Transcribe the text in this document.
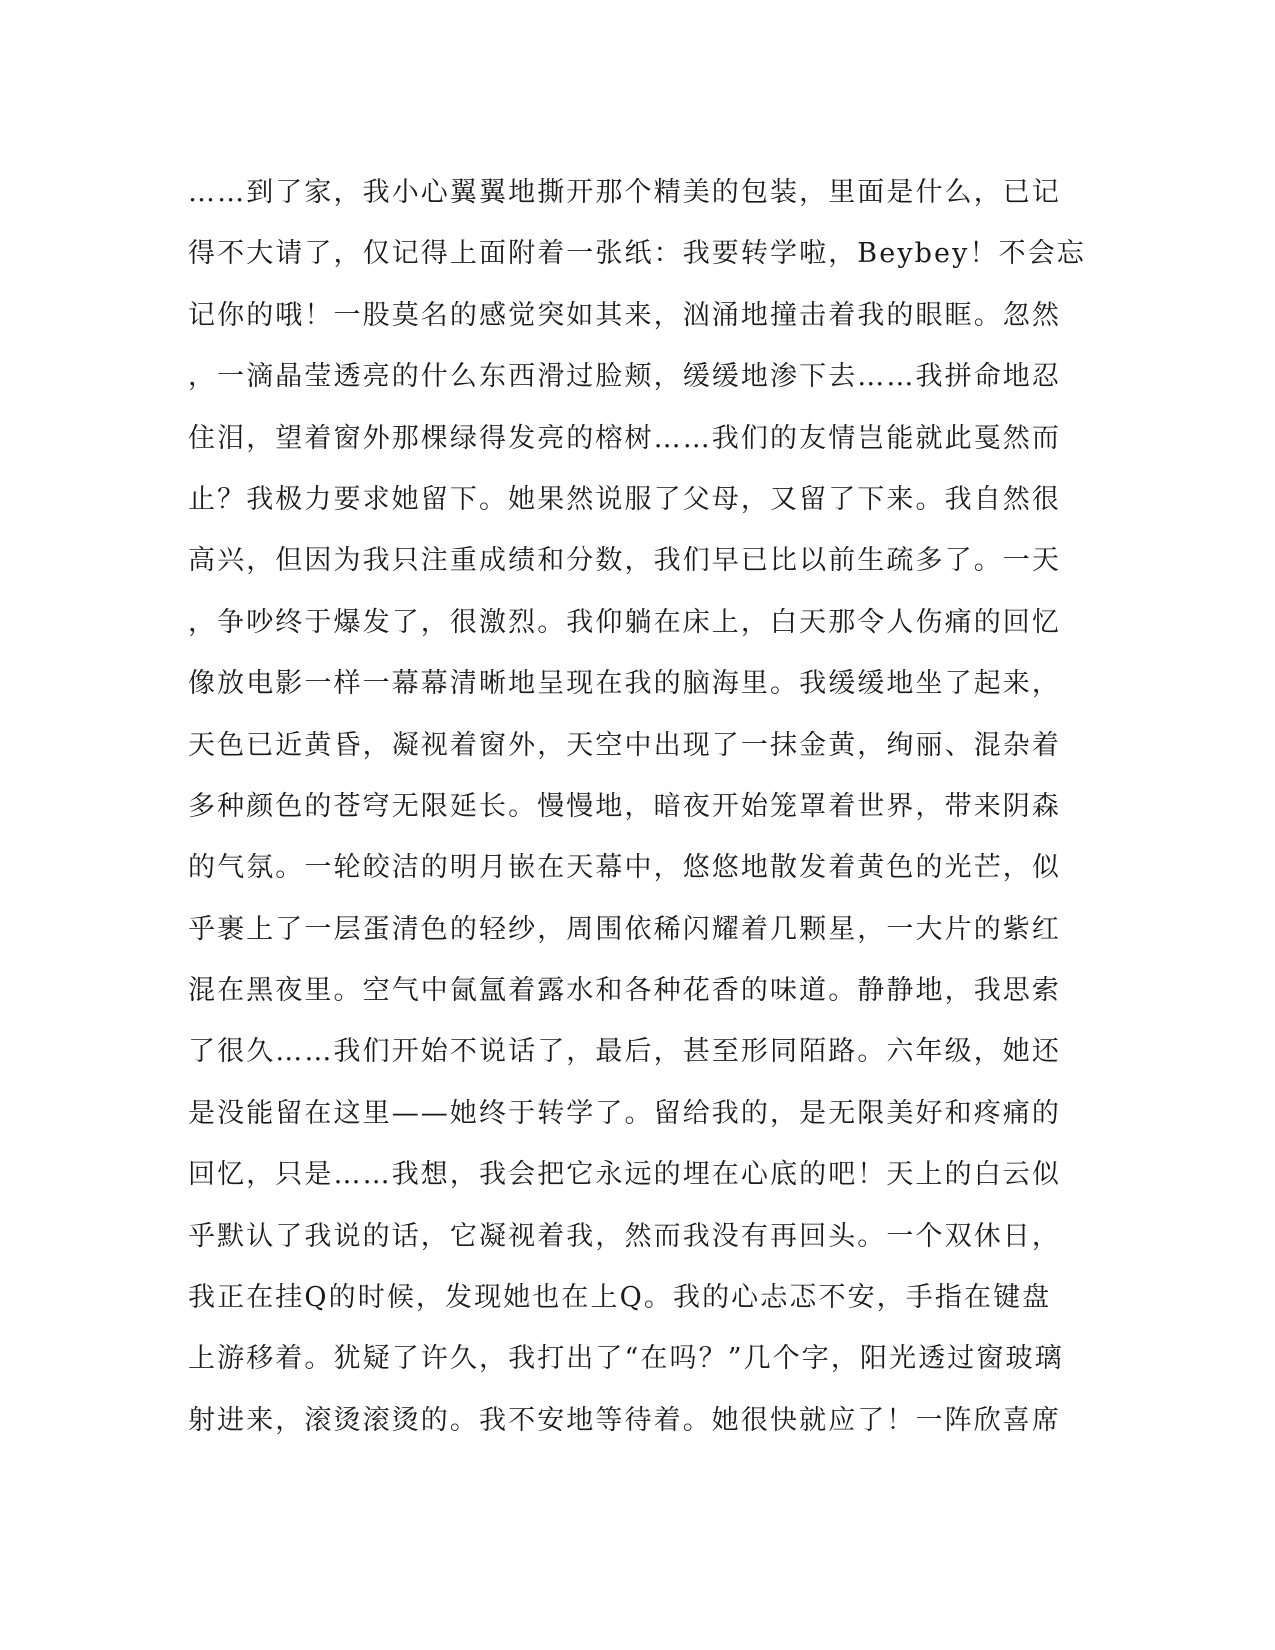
……到了家，我小心翼翼地撕开那个精美的包装，里面是什么，已记
得不大请了，仅记得上面附着一张纸：我要转学啦，Beybey！不会忘
记你的哦！一股莫名的感觉突如其来，汹涌地撞击着我的眼眶。忽然
，一滴晶莹透亮的什么东西滑过脸颊，缓缓地渗下去……我拼命地忍
住泪，望着窗外那棵绿得发亮的榕树……我们的友情岂能就此戛然而
止？我极力要求她留下。她果然说服了父母，又留了下来。我自然很
高兴，但因为我只注重成绩和分数，我们早已比以前生疏多了。一天
，争吵终于爆发了，很激烈。我仰躺在床上，白天那令人伤痛的回忆
像放电影一样一幕幕清晰地呈现在我的脑海里。我缓缓地坐了起来，
天色已近黄昏，凝视着窗外，天空中出现了一抹金黄，绚丽、混杂着
多种颜色的苍穹无限延长。慢慢地，暗夜开始笼罩着世界，带来阴森
的气氛。一轮皎洁的明月嵌在天幕中，悠悠地散发着黄色的光芒，似
乎裹上了一层蛋清色的轻纱，周围依稀闪耀着几颗星，一大片的紫红
混在黑夜里。空气中氤氲着露水和各种花香的味道。静静地，我思索
了很久……我们开始不说话了，最后，甚至形同陌路。六年级，她还
是没能留在这里——她终于转学了。留给我的，是无限美好和疼痛的
回忆，只是……我想，我会把它永远的埋在心底的吧！天上的白云似
乎默认了我说的话，它凝视着我，然而我没有再回头。一个双休日，
我正在挂Q的时候，发现她也在上Q。我的心忐忑不安，手指在键盘
上游移着。犹疑了许久，我打出了“在吗？”几个字，阳光透过窗玻璃
射进来，滚烫滚烫的。我不安地等待着。她很快就应了！一阵欣喜席
